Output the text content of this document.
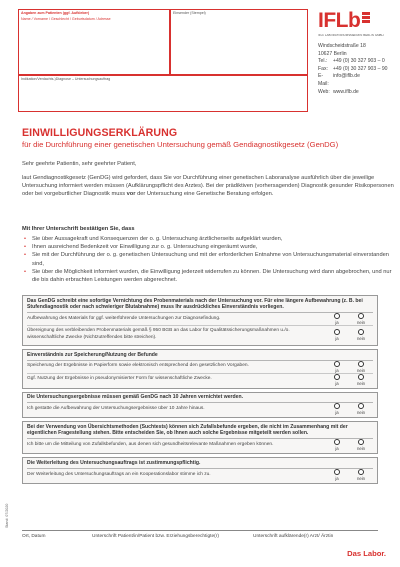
Angaben zum Patienten (ggf. Aufkleber)
Name / Vorname / Geschlecht / Geburtsdatum / Adresse
Einsender (Stempel)
Indikation/Verdachts-)Diagnose – Untersuchungsauftrag
IFLb
IFLb LABORATORIUMSMEDIZIN BERLIN GMBH
Windscheidstraße 18
10627 Berlin
Tel.:	+49 (0) 30 327 903 – 0
Fax: +49 (0) 30 327 903 – 90
E-Mail:
info@iflb.de
Web: www.iflb.de
EINWILLIGUNGSERKLÄRUNG
für die Durchführung einer genetischen Untersuchung gemäß Gendiagnostikgesetz (GenDG)
Sehr geehrte Patientin, sehr geehrter Patient,
laut Gendiagnostikgesetz (GenDG) wird gefordert, dass Sie vor Durchführung einer genetischen Laboranalyse ausführlich über die jeweilige Untersuchung informiert werden müssen (Aufklärungspflicht des Arztes). Bei der prädiktiven (vorhersagenden) Diagnostik gesunder Risikopersonen oder bei vorgeburtlicher Diagnostik muss vor der Untersuchung eine Genetische Beratung erfolgen.
Mit Ihrer Unterschrift bestätigen Sie, dass
• Sie über Aussagekraft und Konsequenzen der o. g. Untersuchung ärztlicherseits aufgeklärt wurden,
• Ihnen ausreichend Bedenkzeit vor Einwilligung zur o. g. Untersuchung eingeräumt wurde,
• Sie mit der Durchführung der o. g. genetischen Untersuchung und mit der erforderlichen Entnahme von Untersuchungsmaterial einverstanden sind,
• Sie über die Möglichkeit informiert wurden, die Einwilligung jederzeit widerrufen zu können. Die Untersuchung wird dann abgebrochen, und nur die bis dahin erbrachten Leistungen werden abgerechnet.
Das GenDG schreibt eine sofortige Vernichtung des Probenmaterials nach der Untersuchung vor. Für eine längere Aufbewahrung (z. B. bei Stufendiagnostik oder nach schwieriger Blutabnahme) muss Ihr ausdrückliches Einverständnis vorliegen.
Aufbewahrung des Materials für ggf. weiterführende Untersuchungen zur Diagnosefindung.
ja	nein
Übereignung des verbleibenden Probenmaterials gemäß § 950 BGB an das Labor für Qualitätssicherungsmaßnahmen u./o. wissenschaftliche Zwecke (Nichtzutreffendes bitte streichen).	ja	nein
Einverständnis zur Speicherung/Nutzung der Befunde
Speicherung der Ergebnisse in Papierform sowie elektronisch entsprechend den gesetzlichen Vorgaben.
ja	nein
Ggf. Nutzung der Ergebnisse in pseudonymisierter Form für wissenschaftliche Zwecke.
ja	nein
Die Untersuchungsergebnisse müssen gemäß GenDG nach 10 Jahren vernichtet werden.
Ich gestatte die Aufbewahrung der Untersuchungsergebnisse über 10 Jahre hinaus.
ja	nein
Bei der Verwendung von Übersichtsmethoden (Suchtests) können sich Zufallsbefunde ergeben, die nicht im Zusammenhang mit der eigentlichen Fragestellung stehen. Bitte entscheiden Sie, ob Ihnen auch solche Ergebnisse mitgeteilt werden sollen.
Ich bitte um die Mitteilung von Zufallsbefunden, aus denen sich gesundheitsrelevante Maßnahmen ergeben können.
ja	nein
Die Weiterleitung des Untersuchungsauftrags ist zustimmungspflichtig.
Der Weiterleitung des Untersuchungsauftrags an ein Kooperationslabor stimme ich zu.
ja	nein
Ort, Datum	Unterschrift Patient/in/Patient bzw. Erziehungsberechtigte(r)	Unterschrift aufklärende(r) Arzt/ Ärztin
Stand: 07/2020
Das Labor.
